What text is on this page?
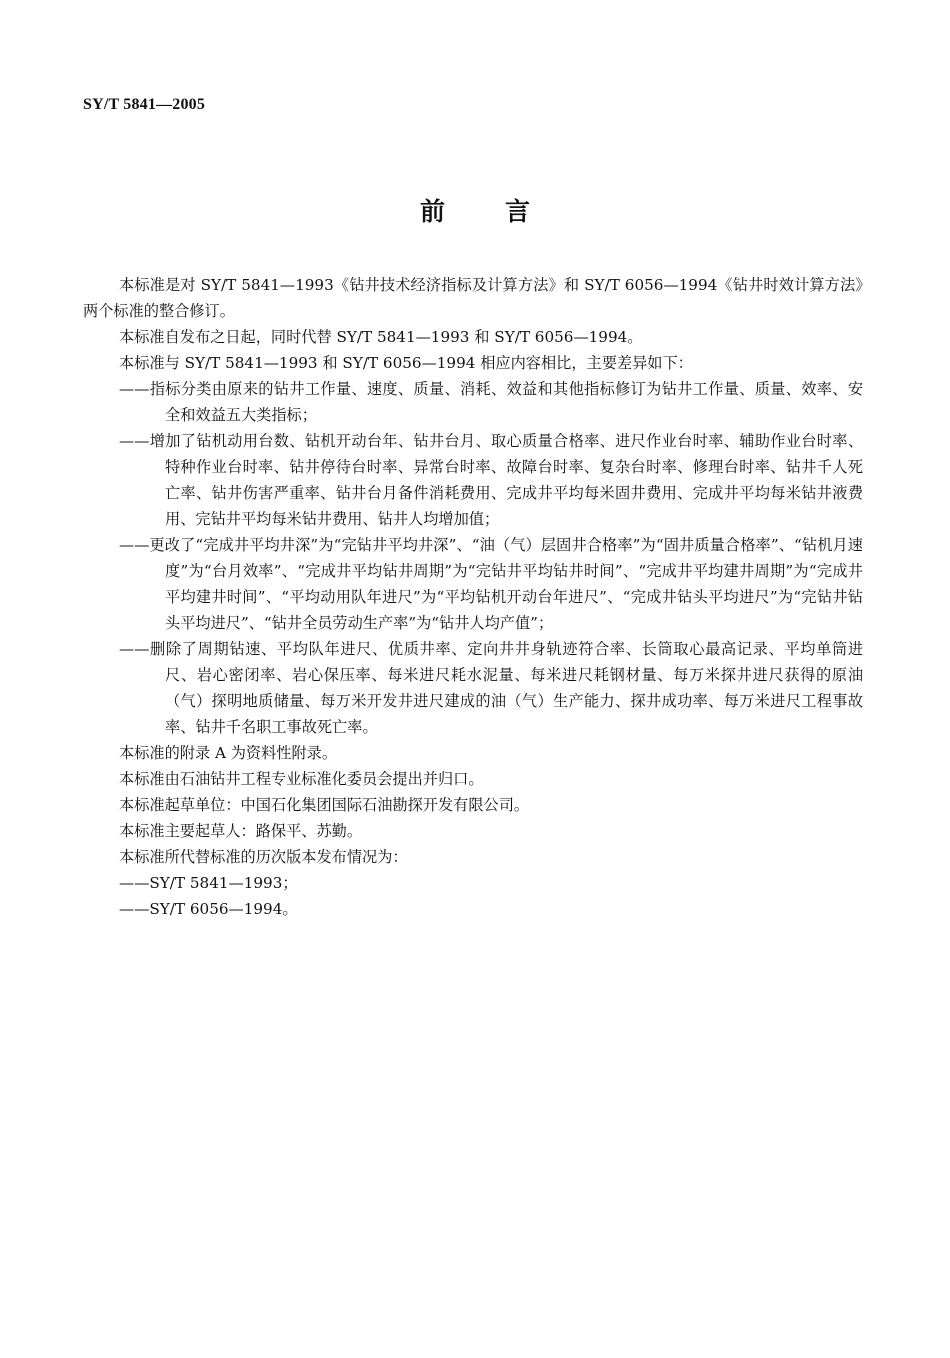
SY/T 5841—2005
前言

本标准是对 SY/T 5841—1993《钻井技术经济指标及计算方法》和 SY/T 6056—1994《钻井时效计算方法》两个标准的整合修订。

本标准自发布之日起，同时代替 SY/T 5841—1993 和 SY/T 6056—1994。

本标准与 SY/T 5841—1993 和 SY/T 6056—1994 相应内容相比，主要差异如下：

——指标分类由原来的钻井工作量、速度、质量、消耗、效益和其他指标修订为钻井工作量、质量、效率、安全和效益五大类指标；

——增加了钻机动用台数、钻机开动台年、钻井台月、取心质量合格率、进尺作业台时率、辅助作业台时率、特种作业台时率、钻井停待台时率、异常台时率、故障台时率、复杂台时率、修理台时率、钻井千人死亡率、钻井伤害严重率、钻井台月备件消耗费用、完成井平均每米固井费用、完成井平均每米钻井液费用、完钻井平均每米钻井费用、钻井人均增加值；

——更改了“完成井平均井深”为“完钻井平均井深”、“油（气）层固井合格率”为“固井质量合格率”、“钻机月速度”为“台月效率”、“完成井平均钻井周期”为“完钻井平均钻井时间”、“完成井平均建井周期”为“完成井平均建井时间”、“平均动用队年进尺”为“平均钻机开动台年进尺”、“完成井钻头平均进尺”为“完钻井钻头平均进尺”、“钻井全员劳动生产率”为“钻井人均产值”；

——删除了周期钻速、平均队年进尺、优质井率、定向井井身轨迹符合率、长筒取心最高记录、平均单筒进尺、岩心密闭率、岩心保压率、每米进尺耗水泥量、每米进尺耗钢材量、每万米探井进尺获得的原油（气）探明地质储量、每万米开发井进尺建成的油（气）生产能力、探井成功率、每万米进尺工程事故率、钻井千名职工事故死亡率。

本标准的附录 A 为资料性附录。

本标准由石油钻井工程专业标准化委员会提出并归口。

本标准起草单位：中国石化集团国际石油勘探开发有限公司。

本标准主要起草人：路保平、苏勤。

本标准所代替标准的历次版本发布情况为：

——SY/T 5841—1993；

——SY/T 6056—1994。
